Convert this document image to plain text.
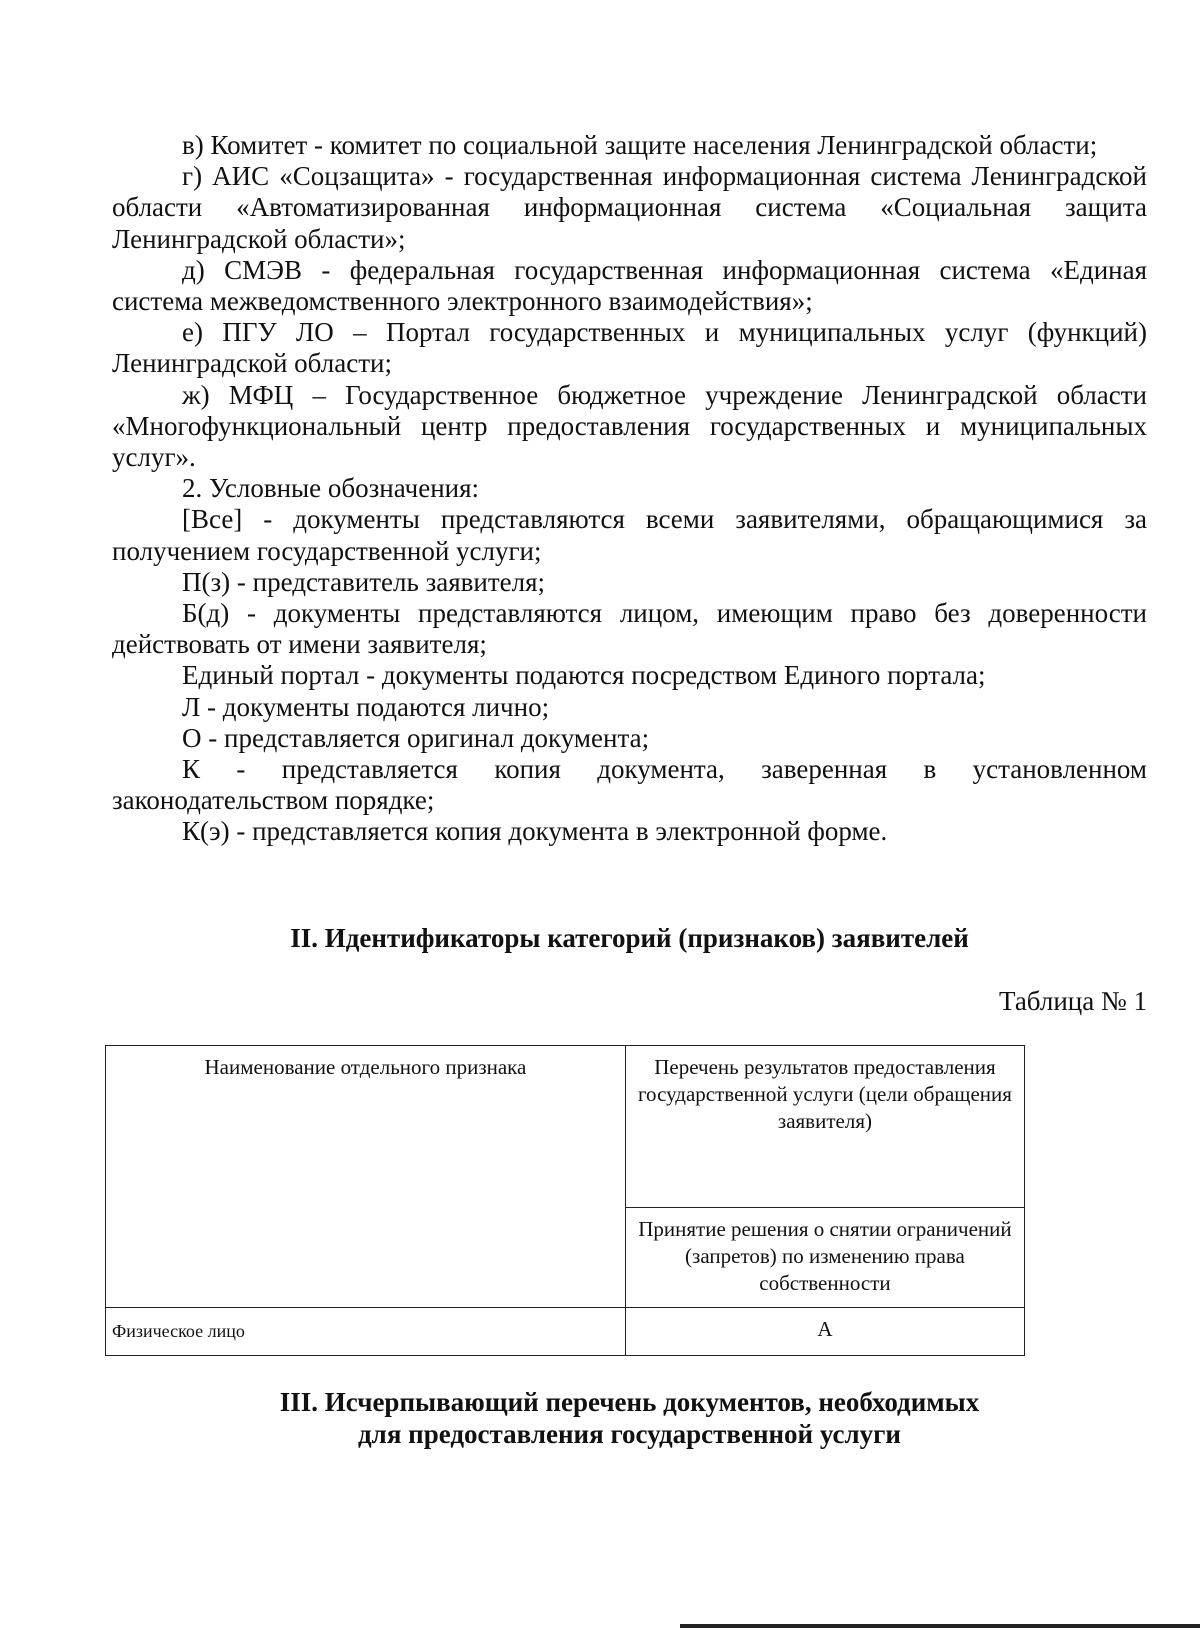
в) Комитет - комитет по социальной защите населения Ленинградской области;

г) АИС «Соцзащита» - государственная информационная система Ленинградской области «Автоматизированная информационная система «Социальная защита Ленинградской области»;

д) СМЭВ - федеральная государственная информационная система «Единая система межведомственного электронного взаимодействия»;

е) ПГУ ЛО – Портал государственных и муниципальных услуг (функций) Ленинградской области;

ж) МФЦ – Государственное бюджетное учреждение Ленинградской области «Многофункциональный центр предоставления государственных и муниципальных услуг».

2. Условные обозначения:

[Все] - документы представляются всеми заявителями, обращающимися за получением государственной услуги;

П(з) - представитель заявителя;

Б(д) - документы представляются лицом, имеющим право без доверенности действовать от имени заявителя;

Единый портал - документы подаются посредством Единого портала;

Л - документы подаются лично;

О - представляется оригинал документа;

К - представляется копия документа, заверенная в установленном законодательством порядке;

К(э) - представляется копия документа в электронной форме.

II. Идентификаторы категорий (признаков) заявителей

Таблица № 1

Наименование отдельного признака	Перечень результатов предоставления государственной услуги (цели обращения заявителя)
	Принятие решения о снятии ограничений (запретов) по изменению права собственности
Физическое лицо	А
III. Исчерпывающий перечень документов, необходимых
для предоставления государственной услуги
